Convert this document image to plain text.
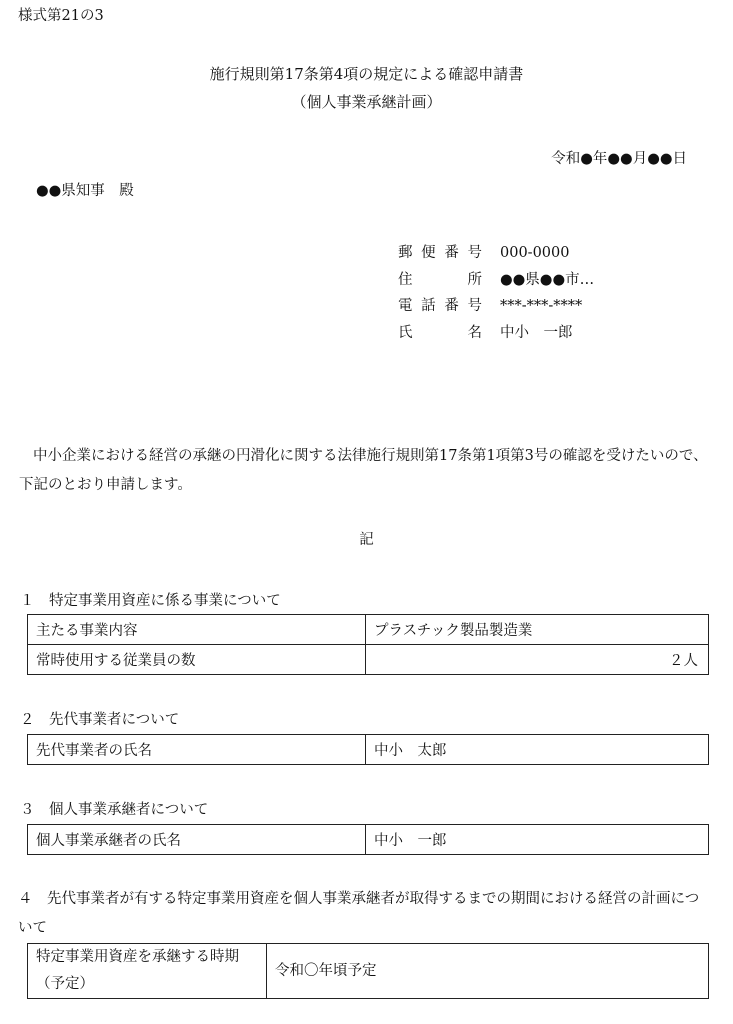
様式第21の3
施行規則第17条第4項の規定による確認申請書
（個人事業承継計画）
令和●年●●月●●日
●●県知事　殿
郵 便 番 号 000-0000
住	所 ●●県●●市…
電 話 番 号 ***-***-****
氏	名 中小　一郎
中小企業における経営の承継の円滑化に関する法律施行規則第17条第1項第3号の確認を受けたいので、下記のとおり申請します。
記
１　特定事業用資産に係る事業について
主たる事業内容	プラスチック製品製造業
常時使用する従業員の数	２人
２　先代事業者について
先代事業者の氏名	中小　太郎
３　個人事業承継者について
個人事業承継者の氏名	中小　一郎
４　先代事業者が有する特定事業用資産を個人事業承継者が取得するまでの期間における経営の計画について
特定事業用資産を承継する時期（予定）	令和〇年頃予定
